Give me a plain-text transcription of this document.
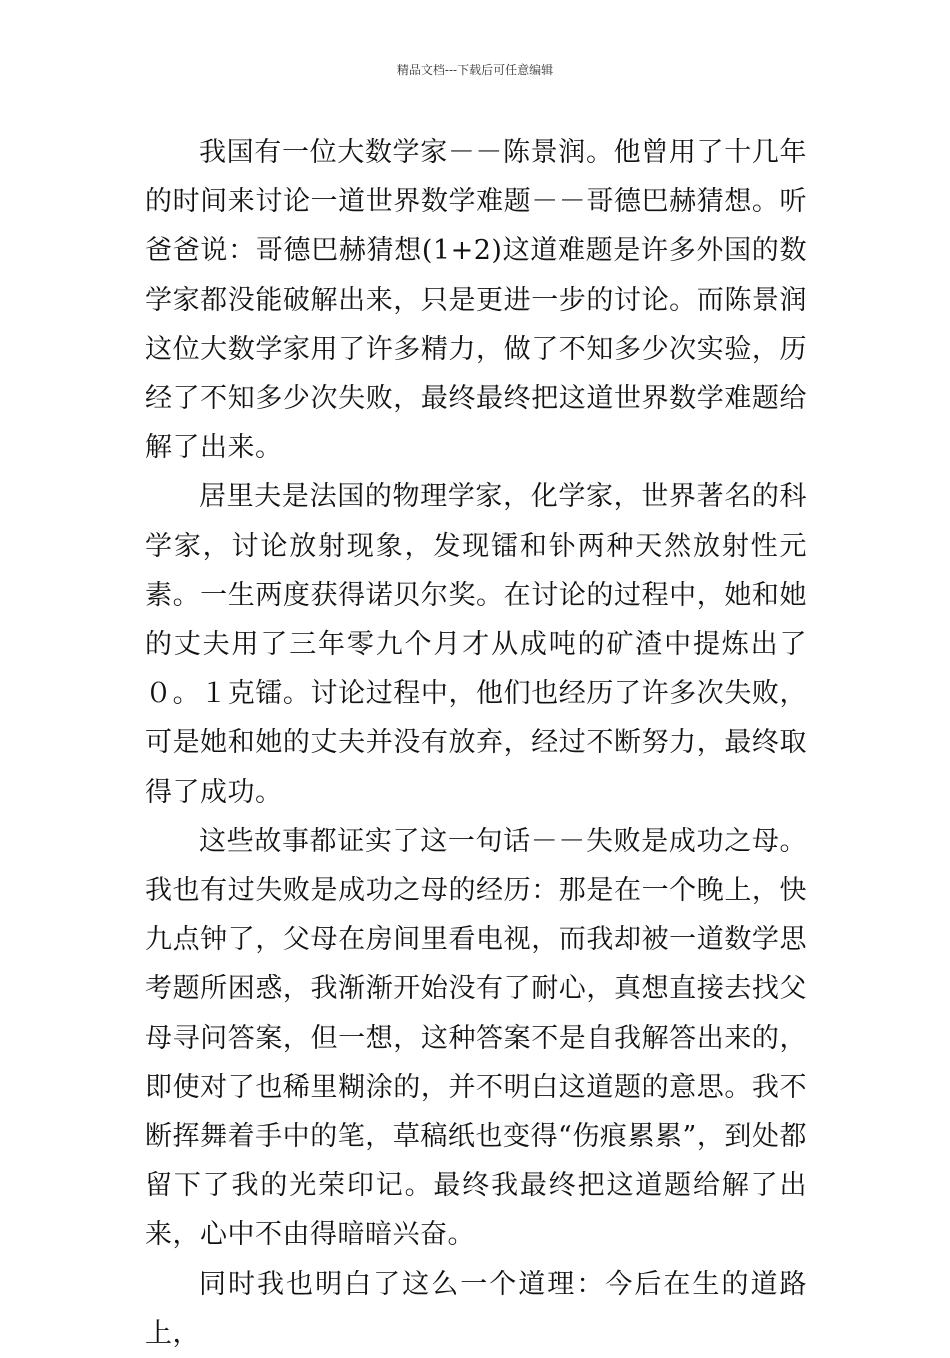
精品文档---下载后可任意编辑

我国有一位大数学家－－陈景润。他曾用了十几年的时间来讨论一道世界数学难题－－哥德巴赫猜想。听爸爸说：哥德巴赫猜想(1+2)这道难题是许多外国的数学家都没能破解出来，只是更进一步的讨论。而陈景润这位大数学家用了许多精力，做了不知多少次实验，历经了不知多少次失败，最终最终把这道世界数学难题给解了出来。

居里夫是法国的物理学家，化学家，世界著名的科学家，讨论放射现象，发现镭和钋两种天然放射性元素。一生两度获得诺贝尔奖。在讨论的过程中，她和她的丈夫用了三年零九个月才从成吨的矿渣中提炼出了０。１克镭。讨论过程中，他们也经历了许多次失败，可是她和她的丈夫并没有放弃，经过不断努力，最终取得了成功。

这些故事都证实了这一句话－－失败是成功之母。我也有过失败是成功之母的经历：那是在一个晚上，快九点钟了，父母在房间里看电视，而我却被一道数学思考题所困惑，我渐渐开始没有了耐心，真想直接去找父母寻问答案，但一想，这种答案不是自我解答出来的，即使对了也稀里糊涂的，并不明白这道题的意思。我不断挥舞着手中的笔，草稿纸也变得“伤痕累累”，到处都留下了我的光荣印记。最终我最终把这道题给解了出来，心中不由得暗暗兴奋。

同时我也明白了这么一个道理：今后在生的道路上，
